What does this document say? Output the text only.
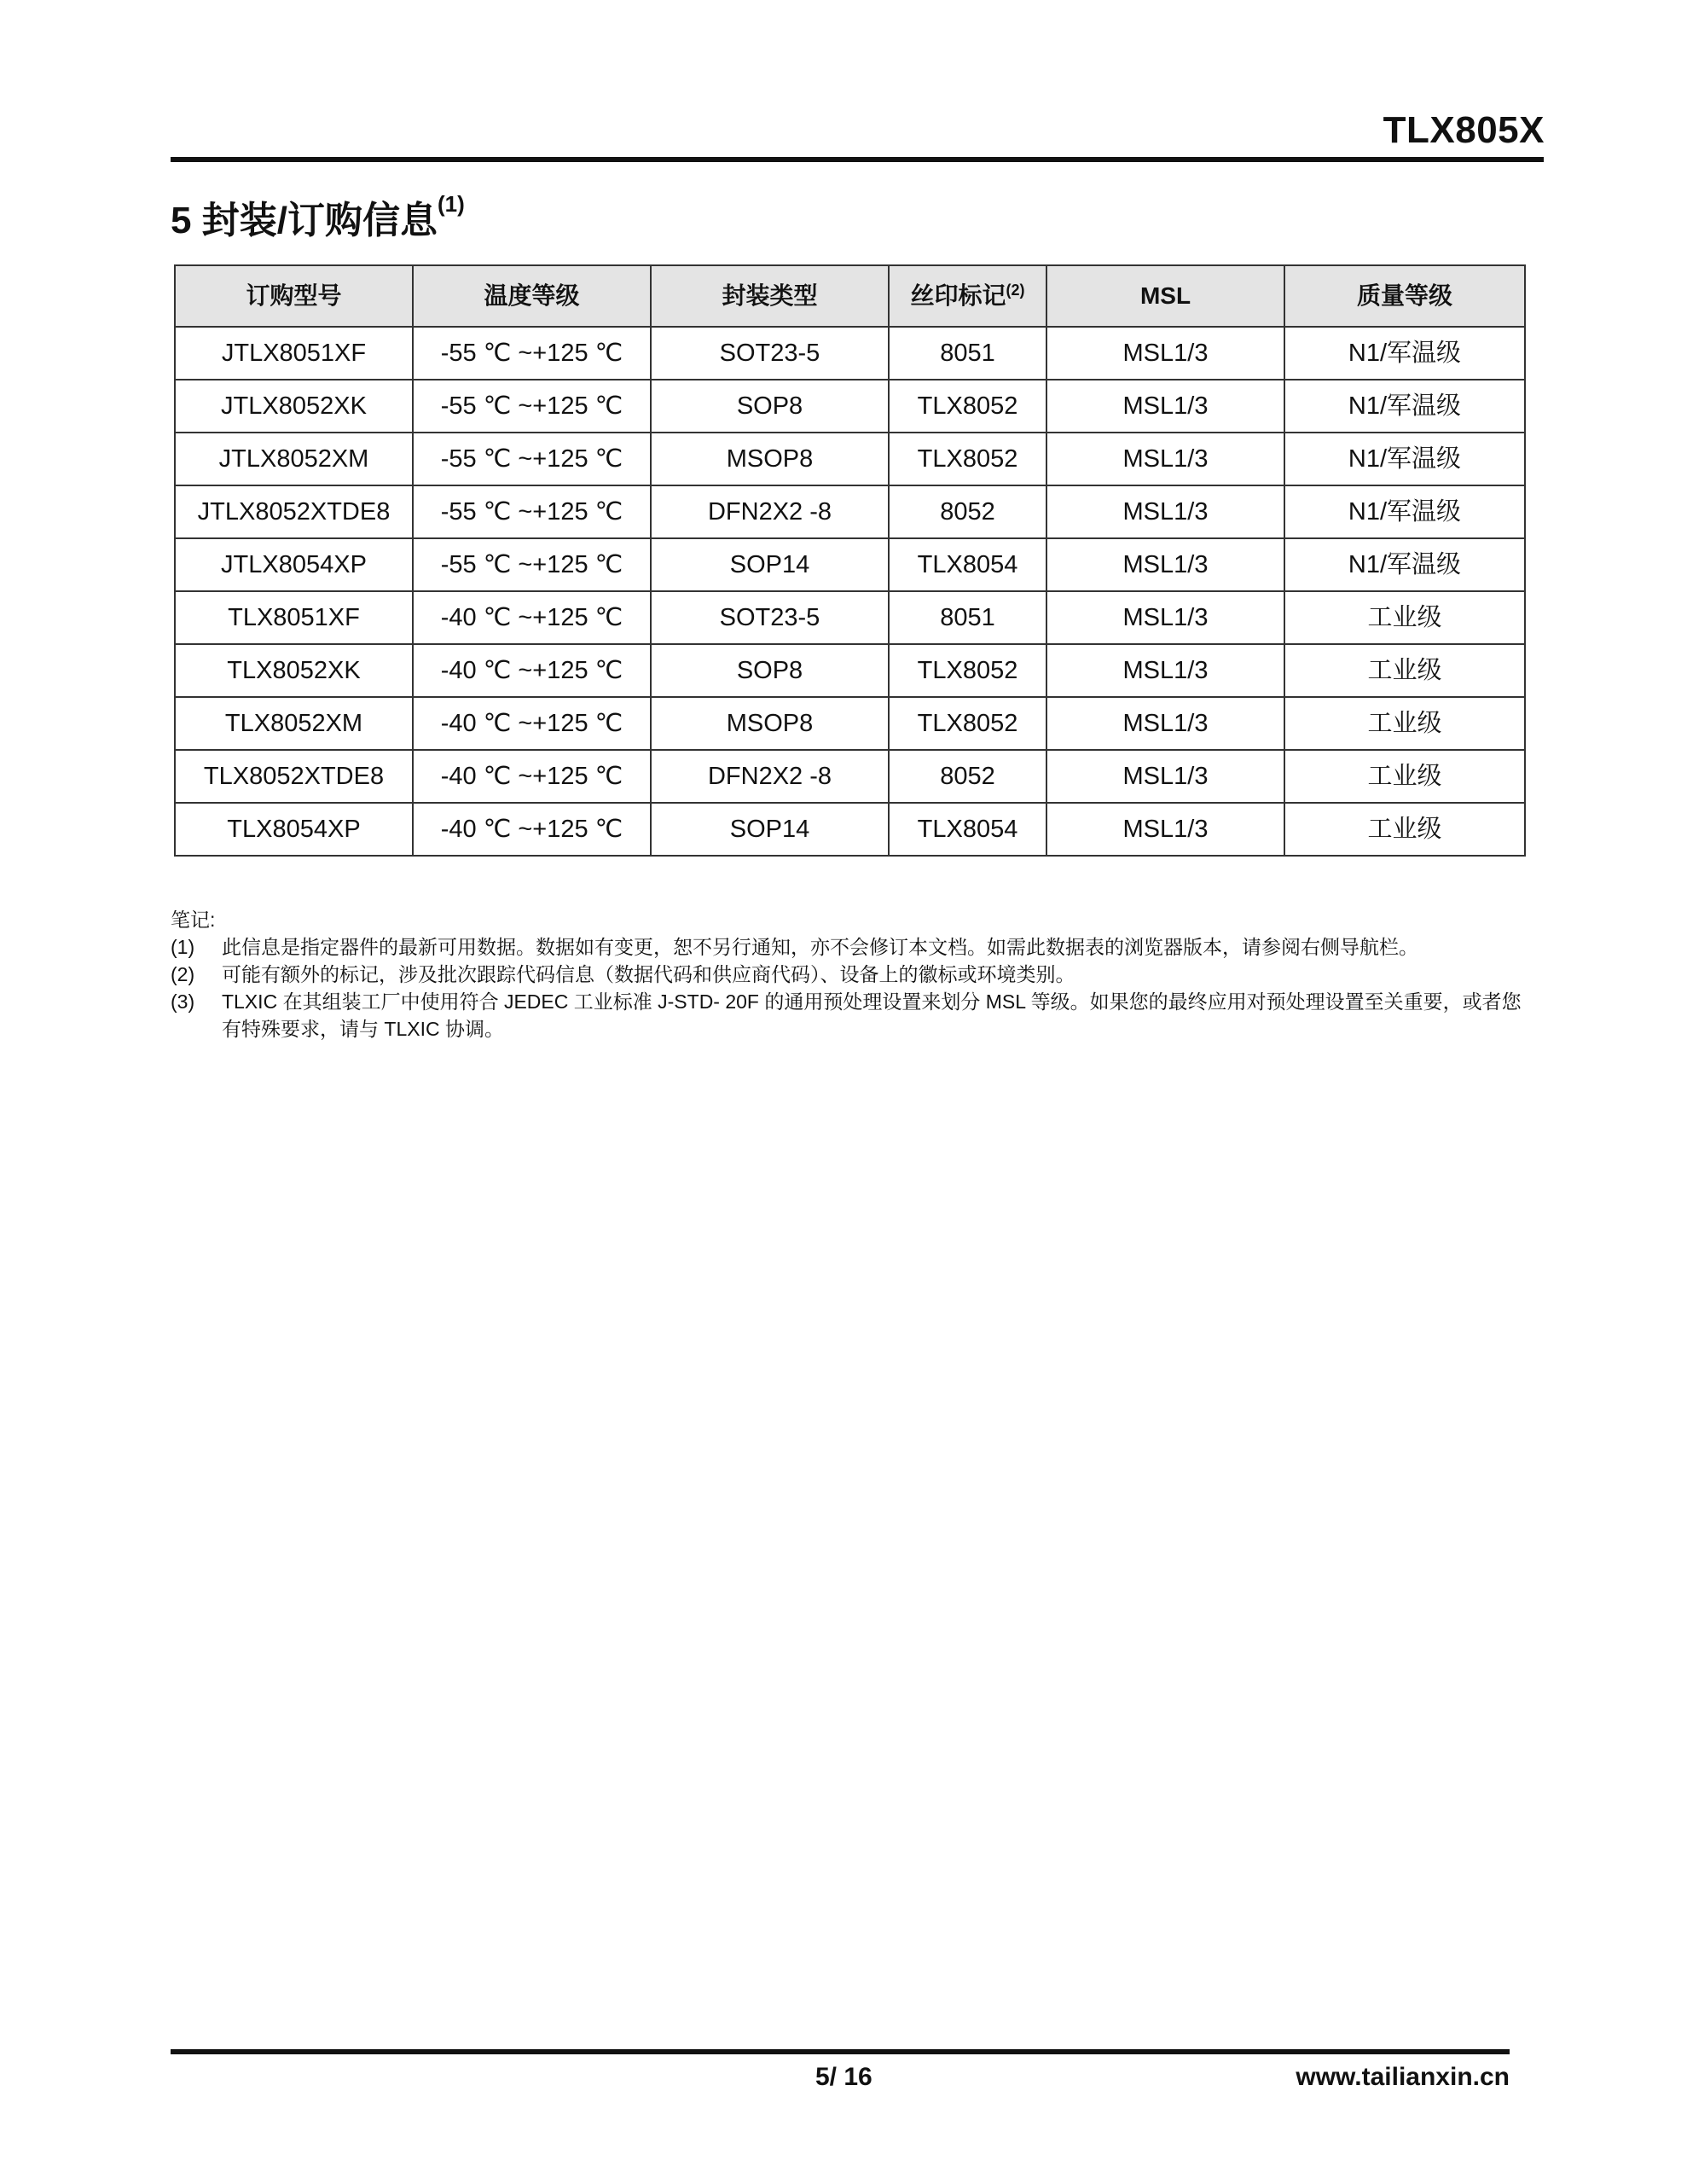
TLX805X
5 封装/订购信息$^{(1)}$
订购型号	温度等级	封装类型	丝印标记$^{(2)}$	MSL	质量等级
JTLX8051XF	-55 ℃ ~+125 ℃	SOT23-5	8051	MSL1/3	N1/军温级
JTLX8052XK	-55 ℃ ~+125 ℃	SOP8	TLX8052	MSL1/3	N1/军温级
JTLX8052XM	-55 ℃ ~+125 ℃	MSOP8	TLX8052	MSL1/3	N1/军温级
JTLX8052XTDE8	-55 ℃ ~+125 ℃	DFN2X2 -8	8052	MSL1/3	N1/军温级
JTLX8054XP	-55 ℃ ~+125 ℃	SOP14	TLX8054	MSL1/3	N1/军温级
TLX8051XF	-40 ℃ ~+125 ℃	SOT23-5	8051	MSL1/3	工业级
TLX8052XK	-40 ℃ ~+125 ℃	SOP8	TLX8052	MSL1/3	工业级
TLX8052XM	-40 ℃ ~+125 ℃	MSOP8	TLX8052	MSL1/3	工业级
TLX8052XTDE8	-40 ℃ ~+125 ℃	DFN2X2 -8	8052	MSL1/3	工业级
TLX8054XP	-40 ℃ ~+125 ℃	SOP14	TLX8054	MSL1/3	工业级
笔记:
(1)	此信息是指定器件的最新可用数据。数据如有变更，恕不另行通知，亦不会修订本文档。如需此数据表的浏览器版本，请参阅右侧导航栏。
(2)	可能有额外的标记，涉及批次跟踪代码信息（数据代码和供应商代码）、设备上的徽标或环境类别。
(3)	TLXIC 在其组装工厂中使用符合 JEDEC 工业标准 J-STD- 20F 的通用预处理设置来划分 MSL 等级。如果您的最终应用对预处理设置至关重要，或者您有特殊要求，请与 TLXIC 协调。
5/ 16	www.tailianxin.cn
